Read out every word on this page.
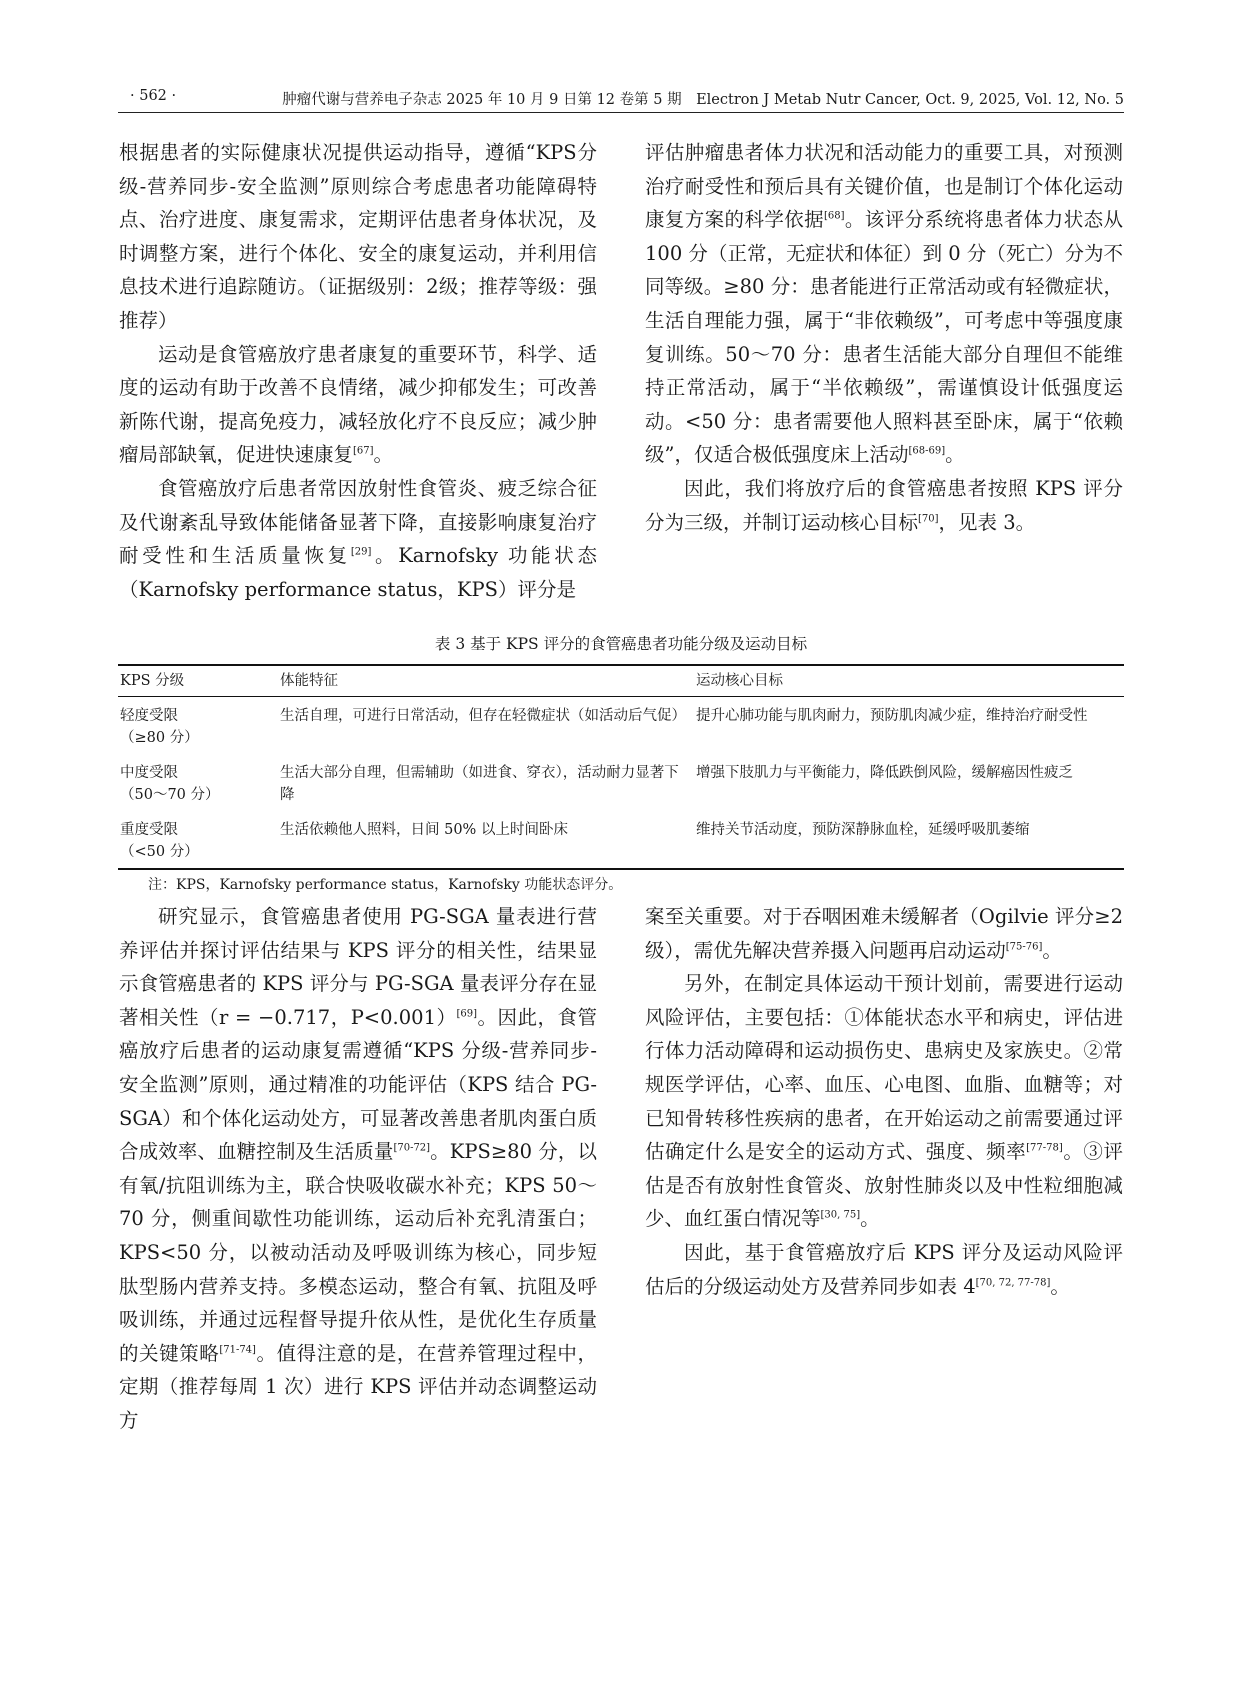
· 562 ·	肿瘤代谢与营养电子杂志 2025 年 10 月 9 日第 12 卷第 5 期　Electron J Metab Nutr Cancer, Oct. 9, 2025, Vol. 12, No. 5

根据患者的实际健康状况提供运动指导，遵循“KPS分级-营养同步-安全监测”原则综合考虑患者功能障碍特点、治疗进度、康复需求，定期评估患者身体状况，及时调整方案，进行个体化、安全的康复运动，并利用信息技术进行追踪随访。（证据级别：2级；推荐等级：强推荐）

运动是食管癌放疗患者康复的重要环节，科学、适度的运动有助于改善不良情绪，减少抑郁发生；可改善新陈代谢，提高免疫力，减轻放化疗不良反应；减少肿瘤局部缺氧，促进快速康复[67]。

食管癌放疗后患者常因放射性食管炎、疲乏综合征及代谢紊乱导致体能储备显著下降，直接影响康复治疗耐受性和生活质量恢复[29]。Karnofsky 功能状态（Karnofsky performance status，KPS）评分是

评估肿瘤患者体力状况和活动能力的重要工具，对预测治疗耐受性和预后具有关键价值，也是制订个体化运动康复方案的科学依据[68]。该评分系统将患者体力状态从 100 分（正常，无症状和体征）到 0 分（死亡）分为不同等级。≥80 分：患者能进行正常活动或有轻微症状，生活自理能力强，属于“非依赖级”，可考虑中等强度康复训练。50～70 分：患者生活能大部分自理但不能维持正常活动，属于“半依赖级”，需谨慎设计低强度运动。<50 分：患者需要他人照料甚至卧床，属于“依赖级”，仅适合极低强度床上活动[68-69]。

因此，我们将放疗后的食管癌患者按照 KPS 评分分为三级，并制订运动核心目标[70]，见表 3。

表 3 基于 KPS 评分的食管癌患者功能分级及运动目标
KPS 分级	体能特征	运动核心目标
轻度受限
（≥80 分）	生活自理，可进行日常活动，但存在轻微症状（如活动后气促）	提升心肺功能与肌肉耐力，预防肌肉减少症，维持治疗耐受性
中度受限
（50～70 分）	生活大部分自理，但需辅助（如进食、穿衣），活动耐力显著下降	增强下肢肌力与平衡能力，降低跌倒风险，缓解癌因性疲乏
重度受限
（<50 分）	生活依赖他人照料，日间 50% 以上时间卧床	维持关节活动度，预防深静脉血栓，延缓呼吸肌萎缩
注：KPS，Karnofsky performance status，Karnofsky 功能状态评分。

研究显示，食管癌患者使用 PG-SGA 量表进行营养评估并探讨评估结果与 KPS 评分的相关性，结果显示食管癌患者的 KPS 评分与 PG-SGA 量表评分存在显著相关性（r = −0.717，P<0.001）[69]。因此，食管癌放疗后患者的运动康复需遵循“KPS 分级-营养同步-安全监测”原则，通过精准的功能评估（KPS 结合 PG-SGA）和个体化运动处方，可显著改善患者肌肉蛋白质合成效率、血糖控制及生活质量[70-72]。KPS≥80 分，以有氧/抗阻训练为主，联合快吸收碳水补充；KPS 50～70 分，侧重间歇性功能训练，运动后补充乳清蛋白；KPS<50 分，以被动活动及呼吸训练为核心，同步短肽型肠内营养支持。多模态运动，整合有氧、抗阻及呼吸训练，并通过远程督导提升依从性，是优化生存质量的关键策略[71-74]。值得注意的是，在营养管理过程中，定期（推荐每周 1 次）进行 KPS 评估并动态调整运动方

案至关重要。对于吞咽困难未缓解者（Ogilvie 评分≥2 级），需优先解决营养摄入问题再启动运动[75-76]。

另外，在制定具体运动干预计划前，需要进行运动风险评估，主要包括：①体能状态水平和病史，评估进行体力活动障碍和运动损伤史、患病史及家族史。②常规医学评估，心率、血压、心电图、血脂、血糖等；对已知骨转移性疾病的患者，在开始运动之前需要通过评估确定什么是安全的运动方式、强度、频率[77-78]。③评估是否有放射性食管炎、放射性肺炎以及中性粒细胞减少、血红蛋白情况等[30, 75]。

因此，基于食管癌放疗后 KPS 评分及运动风险评估后的分级运动处方及营养同步如表 4[70, 72, 77-78]。
